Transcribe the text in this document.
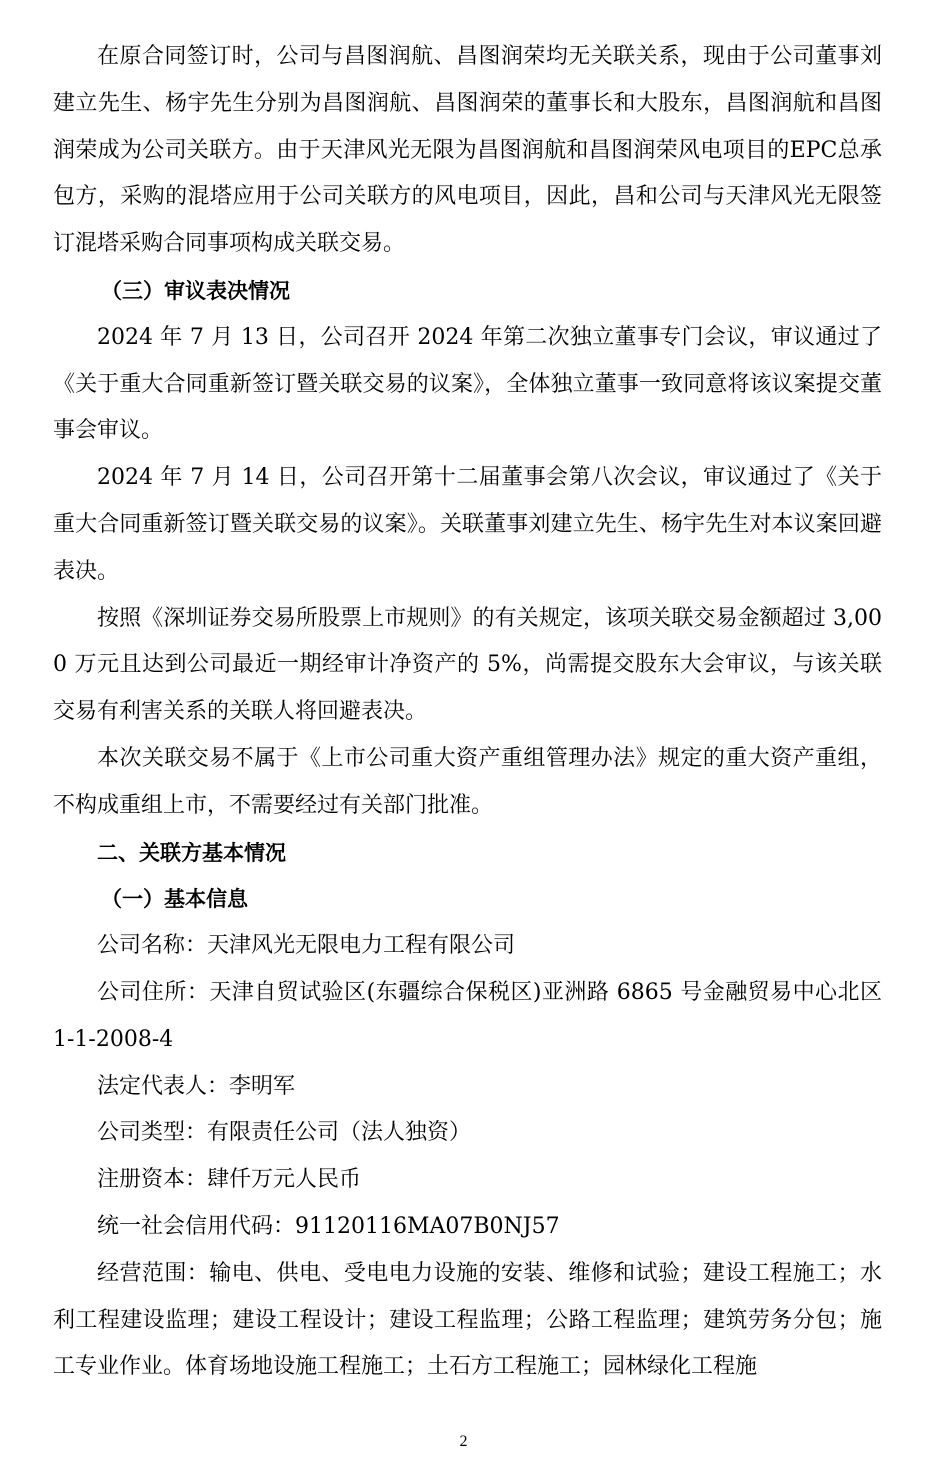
在原合同签订时，公司与昌图润航、昌图润荣均无关联关系，现由于公司董事刘建立先生、杨宇先生分别为昌图润航、昌图润荣的董事长和大股东，昌图润航和昌图润荣成为公司关联方。由于天津风光无限为昌图润航和昌图润荣风电项目的EPC总承包方，采购的混塔应用于公司关联方的风电项目，因此，昌和公司与天津风光无限签订混塔采购合同事项构成关联交易。

（三）审议表决情况

2024 年 7 月 13 日，公司召开 2024 年第二次独立董事专门会议，审议通过了《关于重大合同重新签订暨关联交易的议案》，全体独立董事一致同意将该议案提交董事会审议。

2024 年 7 月 14 日，公司召开第十二届董事会第八次会议，审议通过了《关于重大合同重新签订暨关联交易的议案》。关联董事刘建立先生、杨宇先生对本议案回避表决。

按照《深圳证券交易所股票上市规则》的有关规定，该项关联交易金额超过 3,000 万元且达到公司最近一期经审计净资产的 5%，尚需提交股东大会审议，与该关联交易有利害关系的关联人将回避表决。

本次关联交易不属于《上市公司重大资产重组管理办法》规定的重大资产重组，不构成重组上市，不需要经过有关部门批准。

二、关联方基本情况

（一）基本信息

公司名称：天津风光无限电力工程有限公司

公司住所：天津自贸试验区(东疆综合保税区)亚洲路 6865 号金融贸易中心北区 1-1-2008-4

法定代表人：李明军

公司类型：有限责任公司（法人独资）

注册资本：肆仟万元人民币

统一社会信用代码：91120116MA07B0NJ57

经营范围：输电、供电、受电电力设施的安装、维修和试验；建设工程施工；水利工程建设监理；建设工程设计；建设工程监理；公路工程监理；建筑劳务分包；施工专业作业。体育场地设施工程施工；土石方工程施工；园林绿化工程施

2
